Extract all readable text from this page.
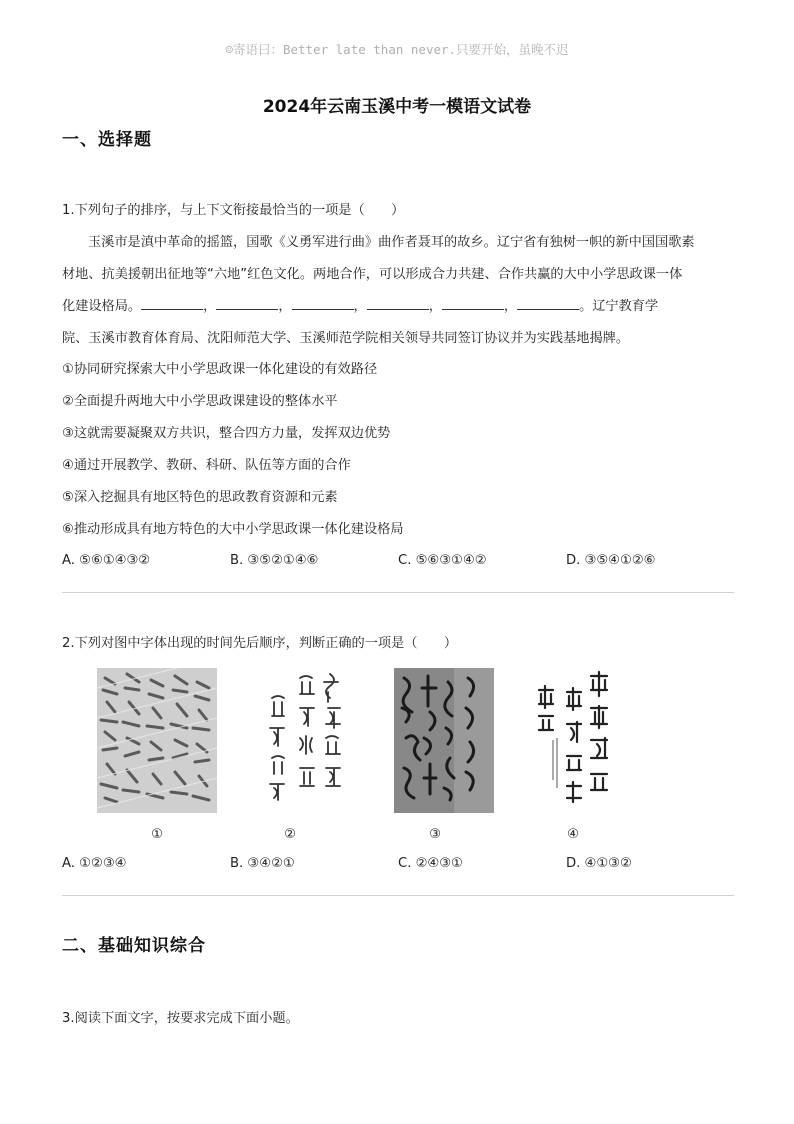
☺寄语曰：Better late than never.只要开始，虽晚不迟
2024年云南玉溪中考一模语文试卷
一、选择题
1.下列句子的排序，与上下文衔接最恰当的一项是（　　）
玉溪市是滇中革命的摇篮，国歌《义勇军进行曲》曲作者聂耳的故乡。辽宁省有独树一帜的新中国国歌素
材地、抗美援朝出征地等“六地”红色文化。两地合作，可以形成合力共建、合作共赢的大中小学思政课一体
化建设格局。	，	，	，	，	，	。辽宁教育学
院、玉溪市教育体育局、沈阳师范大学、玉溪师范学院相关领导共同签订协议并为实践基地揭牌。
①协同研究探索大中小学思政课一体化建设的有效路径
②全面提升两地大中小学思政课建设的整体水平
③这就需要凝聚双方共识，整合四方力量，发挥双边优势
④通过开展教学、教研、科研、队伍等方面的合作
⑤深入挖掘具有地区特色的思政教育资源和元素
⑥推动形成具有地方特色的大中小学思政课一体化建设格局
A. ⑤⑥①④③②	B. ③⑤②①④⑥	C. ⑤⑥③①④②	D. ③⑤④①②⑥
2.下列对图中字体出现的时间先后顺序，判断正确的一项是（　　）
①	②	③	④
A. ①②③④	B. ③④②①	C. ②④③①	D. ④①③②
二、基础知识综合
3.阅读下面文字，按要求完成下面小题。
